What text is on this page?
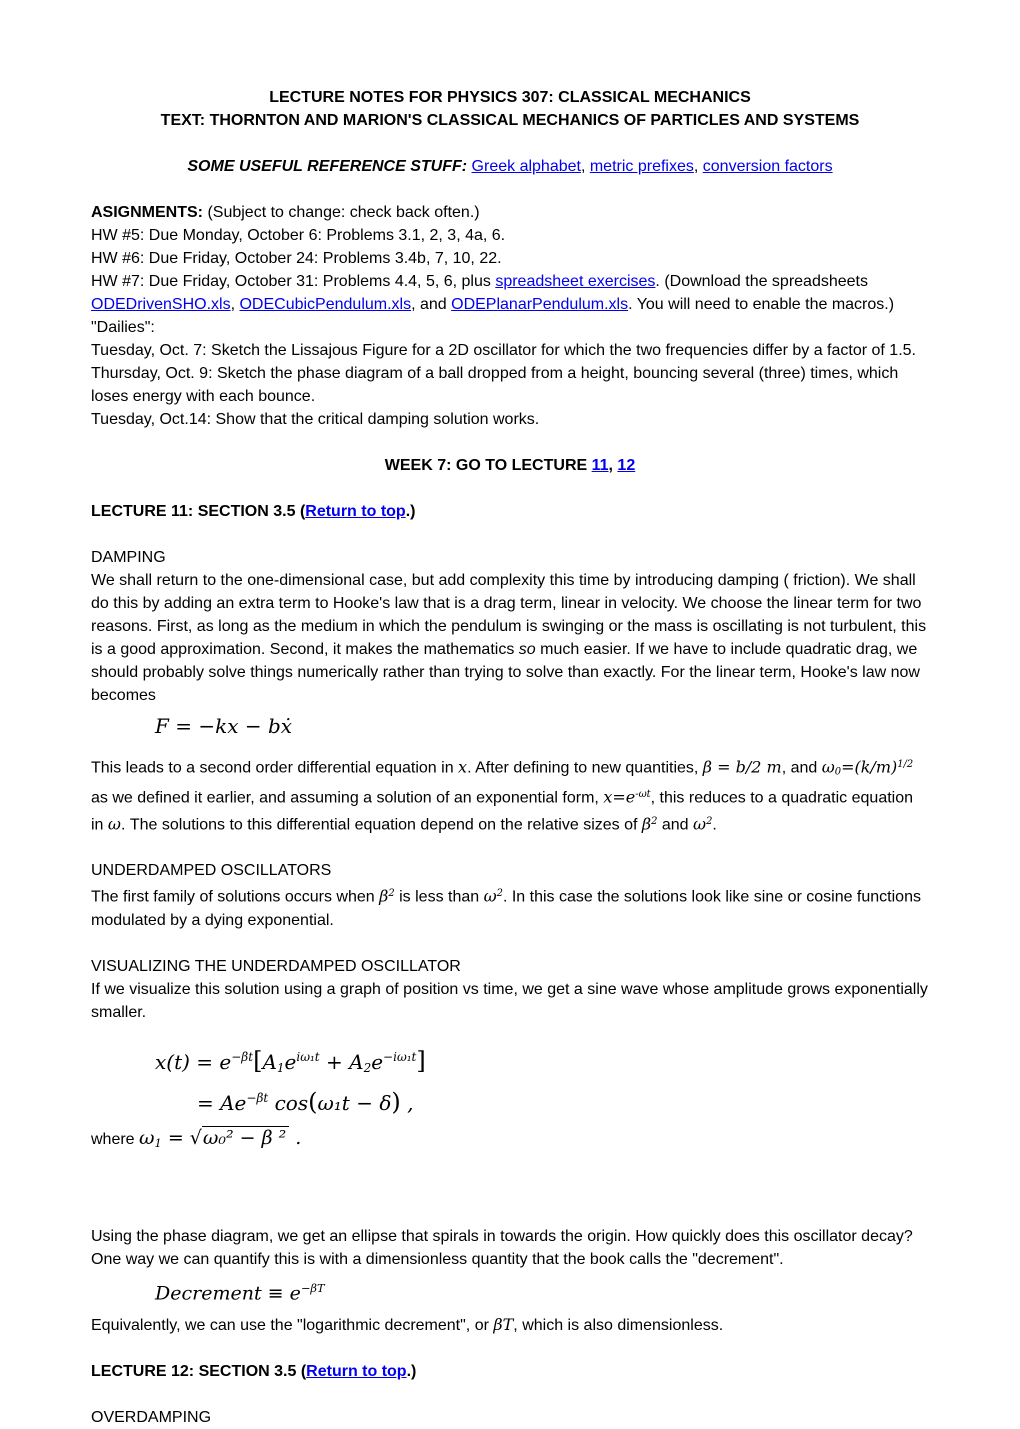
LECTURE NOTES FOR PHYSICS 307: CLASSICAL MECHANICS
TEXT: THORNTON AND MARION'S CLASSICAL MECHANICS OF PARTICLES AND SYSTEMS
SOME USEFUL REFERENCE STUFF: Greek alphabet, metric prefixes, conversion factors
ASIGNMENTS: (Subject to change: check back often.)
HW #5: Due Monday, October 6: Problems 3.1, 2, 3, 4a, 6.
HW #6: Due Friday, October 24: Problems 3.4b, 7, 10, 22.
HW #7: Due Friday, October 31: Problems 4.4, 5, 6, plus spreadsheet exercises. (Download the spreadsheets ODEDrivenSHO.xls, ODECubicPendulum.xls, and ODEPlanarPendulum.xls. You will need to enable the macros.)
"Dailies":
Tuesday, Oct. 7: Sketch the Lissajous Figure for a 2D oscillator for which the two frequencies differ by a factor of 1.5.
Thursday, Oct. 9: Sketch the phase diagram of a ball dropped from a height, bouncing several (three) times, which loses energy with each bounce.
Tuesday, Oct.14: Show that the critical damping solution works.
WEEK 7: GO TO LECTURE 11, 12
LECTURE 11: SECTION 3.5 (Return to top.)
DAMPING
We shall return to the one-dimensional case, but add complexity this time by introducing damping ( friction). We shall do this by adding an extra term to Hooke's law that is a drag term, linear in velocity. We choose the linear term for two reasons. First, as long as the medium in which the pendulum is swinging or the mass is oscillating is not turbulent, this is a good approximation. Second, it makes the mathematics so much easier. If we have to include quadratic drag, we should probably solve things numerically rather than trying to solve than exactly. For the linear term, Hooke's law now becomes
F = −kx − bẋ
This leads to a second order differential equation in x. After defining to new quantities, β = b/2 m, and $\omega 0=(k/m)^{1/2}$ as we defined it earlier, and assuming a solution of an exponential form, $x=e^{-\omega t}$, this reduces to a quadratic equation in ω. The solutions to this differential equation depend on the relative sizes of $\beta^2$ and $\omega^2$.
UNDERDAMPED OSCILLATORS
The first family of solutions occurs when $\beta^2$ is less than $\omega^2$. In this case the solutions look like sine or cosine functions modulated by a dying exponential.
VISUALIZING THE UNDERDAMPED OSCILLATOR
If we visualize this solution using a graph of position vs time, we get a sine wave whose amplitude grows exponentially smaller.
$x(t) = e^{-\beta t}[A_1e^{i\omega_1t} + A_2e^{-i\omega_1t}]$
= $Ae^{-\beta t}$ cos(ω₁t − δ) ,
where $\omega_1 = √\omega_0^2 - \beta$ ² .
Using the phase diagram, we get an ellipse that spirals in towards the origin. How quickly does this oscillator decay? One way we can quantify this is with a dimensionless quantity that the book calls the "decrement".
Decrement ≡ $e^{-\beta T}$
Equivalently, we can use the "logarithmic decrement", or βT, which is also dimensionless.
LECTURE 12: SECTION 3.5 (Return to top.)
OVERDAMPING
